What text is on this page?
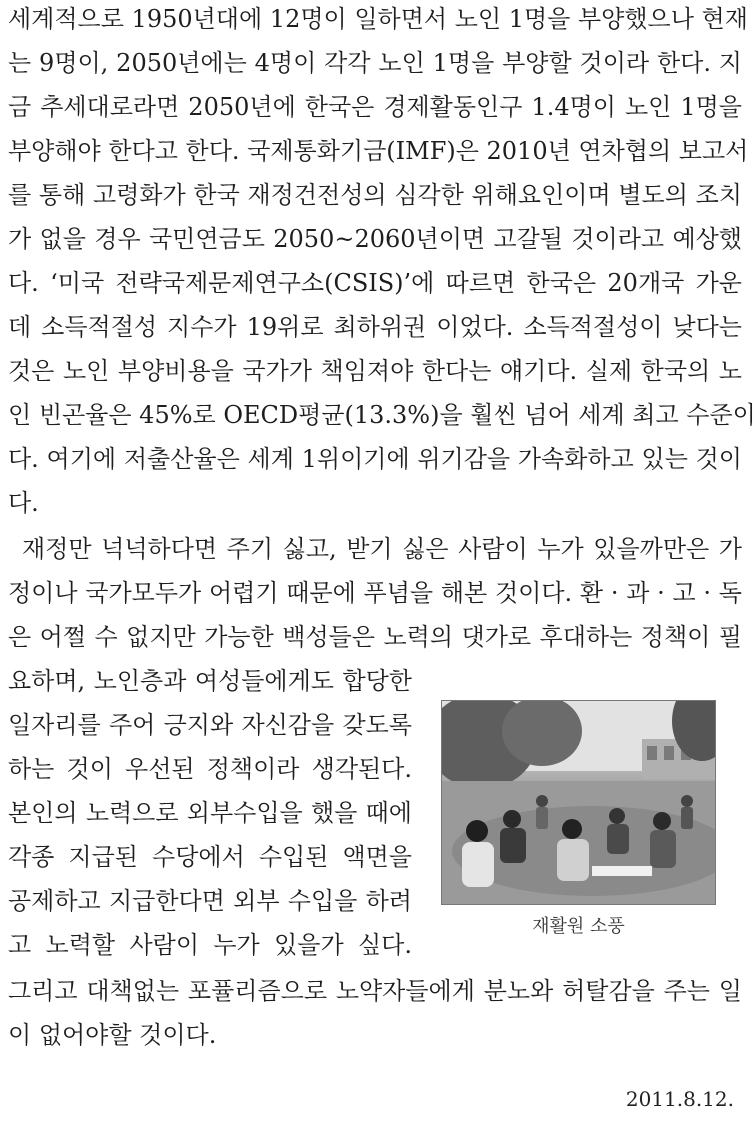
세계적으로 1950년대에 12명이 일하면서 노인 1명을 부양했으나 현재
는 9명이, 2050년에는 4명이 각각 노인 1명을 부양할 것이라 한다. 지
금 추세대로라면 2050년에 한국은 경제활동인구 1.4명이 노인 1명을
부양해야 한다고 한다. 국제통화기금(IMF)은 2010년 연차협의 보고서
를 통해 고령화가 한국 재정건전성의 심각한 위해요인이며 별도의 조치
가 없을 경우 국민연금도 2050~2060년이면 고갈될 것이라고 예상했
다. ‘미국 전략국제문제연구소(CSIS)’에 따르면 한국은 20개국 가운
데 소득적절성 지수가 19위로 최하위권 이었다. 소득적절성이 낮다는
것은 노인 부양비용을 국가가 책임져야 한다는 얘기다. 실제 한국의 노
인 빈곤율은 45%로 OECD평균(13.3%)을 훨씬 넘어 세계 최고 수준이
다. 여기에 저출산율은 세계 1위이기에 위기감을 가속화하고 있는 것이
다.
재정만 넉넉하다면 주기 싫고, 받기 싫은 사람이 누가 있을까만은 가
정이나 국가모두가 어렵기 때문에 푸념을 해본 것이다. 환 · 과 · 고 · 독
은 어쩔 수 없지만 가능한 백성들은 노력의 댓가로 후대하는 정책이 필
요하며, 노인층과 여성들에게도 합당한
일자리를 주어 긍지와 자신감을 갖도록
하는 것이 우선된 정책이라 생각된다.
본인의 노력으로 외부수입을 했을 때에
각종 지급된 수당에서 수입된 액면을
공제하고 지급한다면 외부 수입을 하려
고 노력할 사람이 누가 있을가 싶다.
그리고 대책없는 포퓰리즘으로 노약자들에게 분노와 허탈감을 주는 일
이 없어야할 것이다.
재활원 소풍
2011.8.12.
